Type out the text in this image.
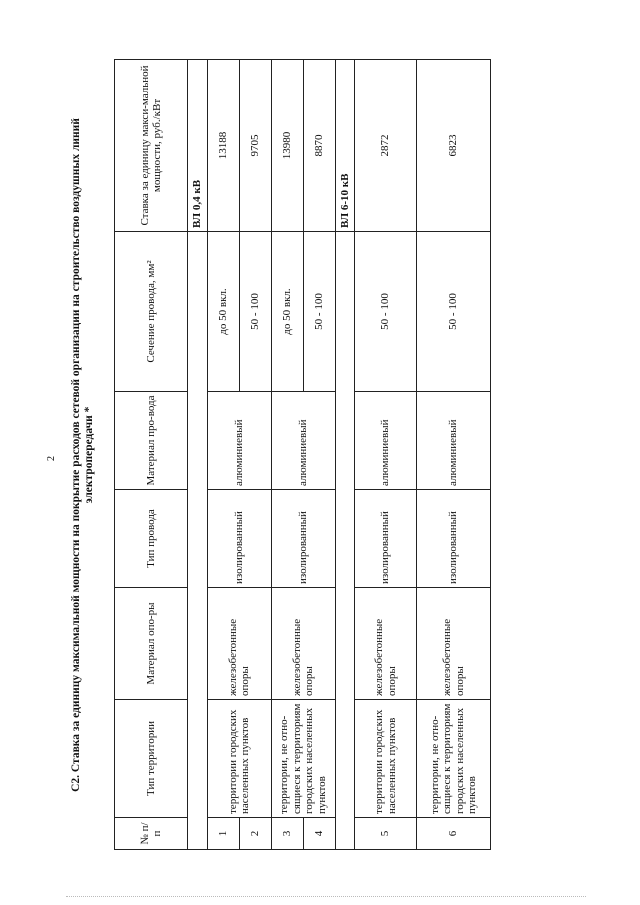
2 С2. Ставка за единицу максимальной мощности на покрытие расходов сетевой организации на строительство воздушных линий электропередачи *
№ п/п	Тип территории	Материал опо-ры	Тип провода	Материал про-вода	Сечение провода, мм²	Ставка за единицу макси-мальной мощности, руб./кВт
						ВЛ 0,4 кВ
1	территории городских населенных пунктов	железобетонные опоры	изолированный	алюминиевый	до 50 вкл.	13188
2					50 - 100	9705
3	территории, не отно-сящиеся к территориям городских населенных пунктов	железобетонные опоры	изолированный	алюминиевый	до 50 вкл.	13980
4					50 - 100	8870
						ВЛ 6-10 кВ
5	территории городских населенных пунктов	железобетонные опоры	изолированный	алюминиевый	50 - 100	2872
6	территории, не отно-сящиеся к территориям городских населенных пунктов	железобетонные опоры	изолированный	алюминиевый	50 - 100	6823
